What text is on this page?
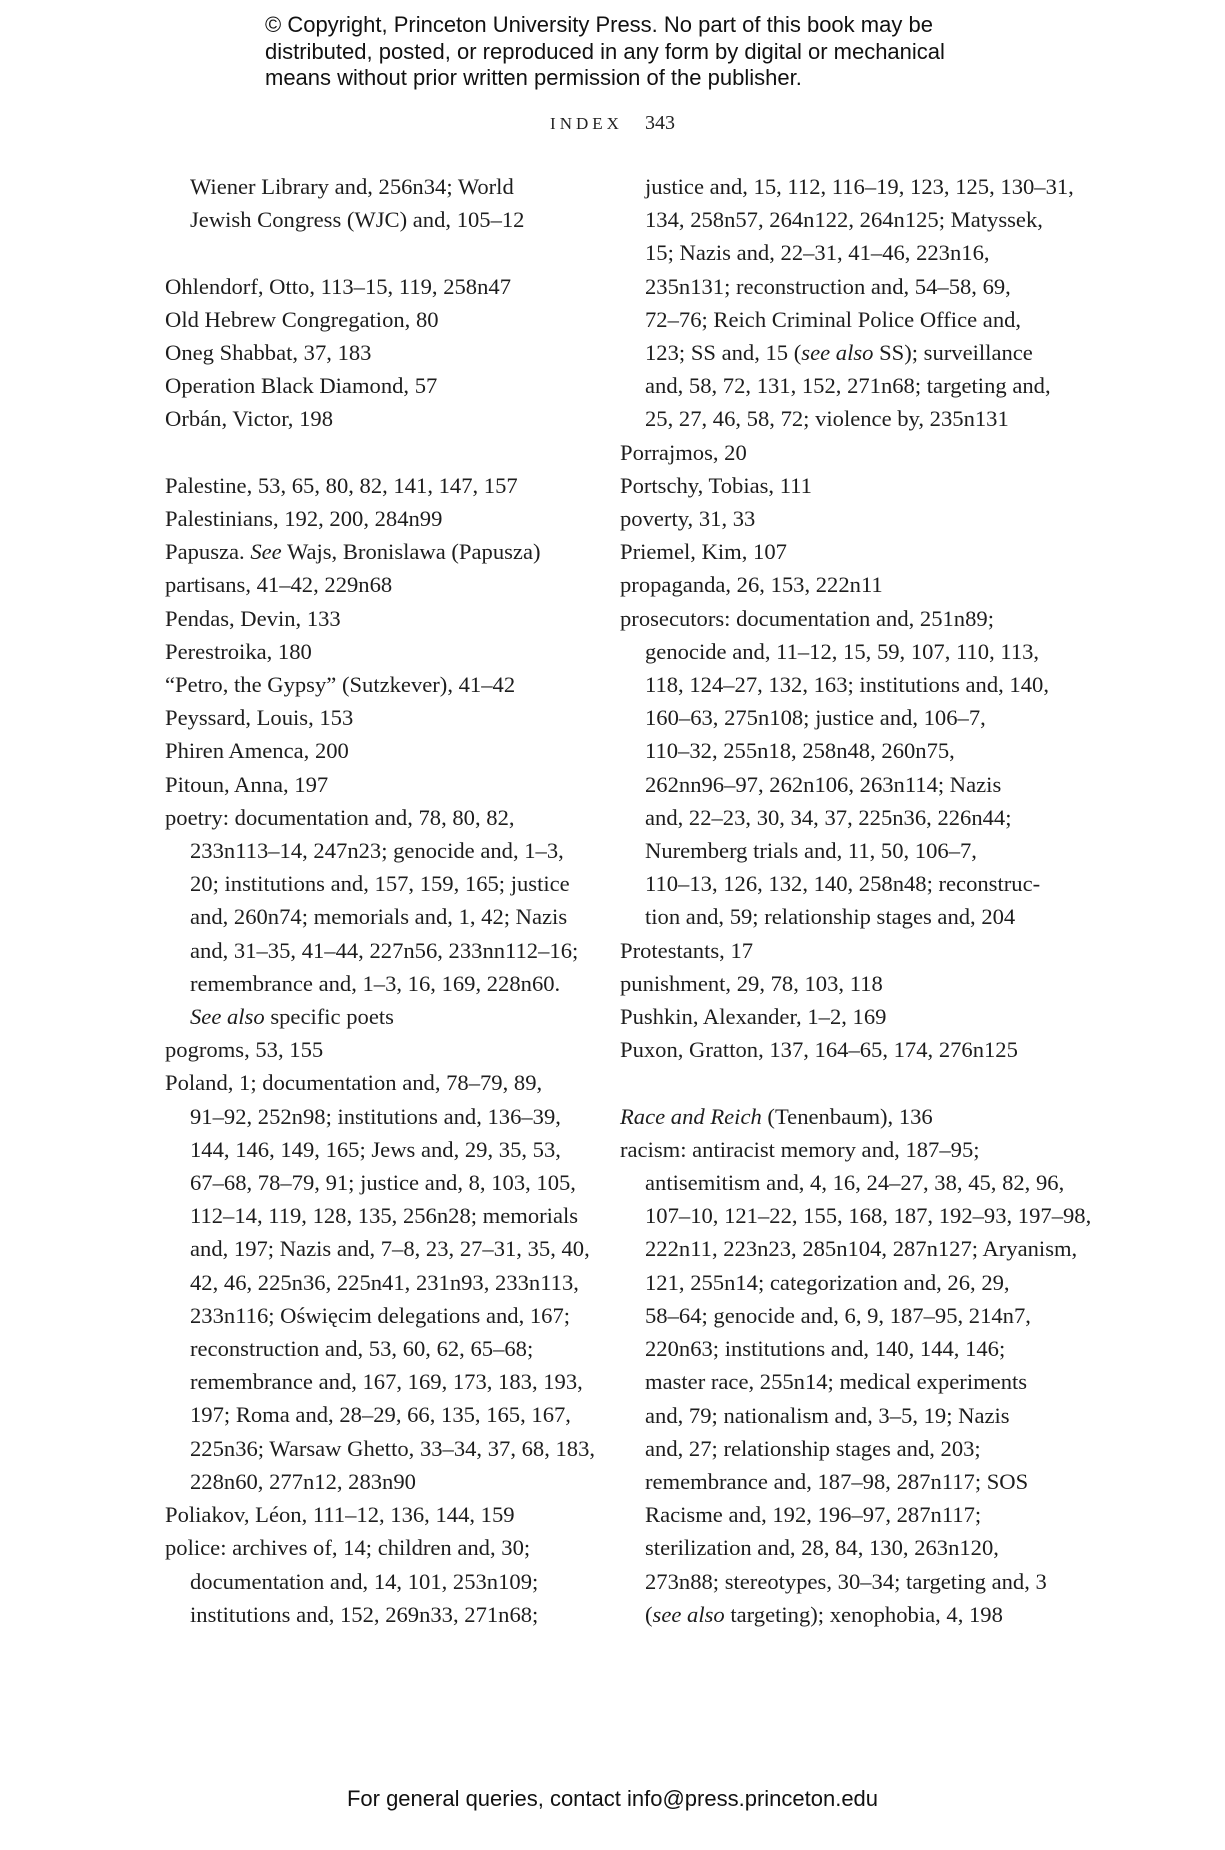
© Copyright, Princeton University Press. No part of this book may be

distributed, posted, or reproduced in any form by digital or mechanical

means without prior written permission of the publisher.

INDEX 343

Wiener Library and, 256n34; World

Jewish Congress (WJC) and, 105–12

Ohlendorf, Otto, 113–15, 119, 258n47

Old Hebrew Congregation, 80

Oneg Shabbat, 37, 183

Operation Black Diamond, 57

Orbán, Victor, 198

Palestine, 53, 65, 80, 82, 141, 147, 157

Palestinians, 192, 200, 284n99

Papusza. See Wajs, Bronislawa (Papusza)

partisans, 41–42, 229n68

Pendas, Devin, 133

Perestroika, 180

“Petro, the Gypsy” (Sutzkever), 41–42

Peyssard, Louis, 153

Phiren Amenca, 200

Pitoun, Anna, 197

poetry: documentation and, 78, 80, 82,

233n113–14, 247n23; genocide and, 1–3,

20; institutions and, 157, 159, 165; justice

and, 260n74; memorials and, 1, 42; Nazis

and, 31–35, 41–44, 227n56, 233nn112–16;

remembrance and, 1–3, 16, 169, 228n60.

See also specific poets

pogroms, 53, 155

Poland, 1; documentation and, 78–79, 89,

91–92, 252n98; institutions and, 136–39,

144, 146, 149, 165; Jews and, 29, 35, 53,

67–68, 78–79, 91; justice and, 8, 103, 105,

112–14, 119, 128, 135, 256n28; memorials

and, 197; Nazis and, 7–8, 23, 27–31, 35, 40,

42, 46, 225n36, 225n41, 231n93, 233n113,

233n116; Oświęcim delegations and, 167;

reconstruction and, 53, 60, 62, 65–68;

remembrance and, 167, 169, 173, 183, 193,

197; Roma and, 28–29, 66, 135, 165, 167,

225n36; Warsaw Ghetto, 33–34, 37, 68, 183,

228n60, 277n12, 283n90

Poliakov, Léon, 111–12, 136, 144, 159

police: archives of, 14; children and, 30;

documentation and, 14, 101, 253n109;

institutions and, 152, 269n33, 271n68;

justice and, 15, 112, 116–19, 123, 125, 130–31,

134, 258n57, 264n122, 264n125; Matyssek,

15; Nazis and, 22–31, 41–46, 223n16,

235n131; reconstruction and, 54–58, 69,

72–76; Reich Criminal Police Office and,

123; SS and, 15 (see also SS); surveillance

and, 58, 72, 131, 152, 271n68; targeting and,

25, 27, 46, 58, 72; violence by, 235n131

Porrajmos, 20

Portschy, Tobias, 111

poverty, 31, 33

Priemel, Kim, 107

propaganda, 26, 153, 222n11

prosecutors: documentation and, 251n89;

genocide and, 11–12, 15, 59, 107, 110, 113,

118, 124–27, 132, 163; institutions and, 140,

160–63, 275n108; justice and, 106–7,

110–32, 255n18, 258n48, 260n75,

262nn96–97, 262n106, 263n114; Nazis

and, 22–23, 30, 34, 37, 225n36, 226n44;

Nuremberg trials and, 11, 50, 106–7,

110–13, 126, 132, 140, 258n48; reconstruc-

tion and, 59; relationship stages and, 204

Protestants, 17

punishment, 29, 78, 103, 118

Pushkin, Alexander, 1–2, 169

Puxon, Gratton, 137, 164–65, 174, 276n125

Race and Reich (Tenenbaum), 136

racism: antiracist memory and, 187–95;

antisemitism and, 4, 16, 24–27, 38, 45, 82, 96,

107–10, 121–22, 155, 168, 187, 192–93, 197–98,

222n11, 223n23, 285n104, 287n127; Aryanism,

121, 255n14; categorization and, 26, 29,

58–64; genocide and, 6, 9, 187–95, 214n7,

220n63; institutions and, 140, 144, 146;

master race, 255n14; medical experiments

and, 79; nationalism and, 3–5, 19; Nazis

and, 27; relationship stages and, 203;

remembrance and, 187–98, 287n117; SOS

Racisme and, 192, 196–97, 287n117;

sterilization and, 28, 84, 130, 263n120,

273n88; stereotypes, 30–34; targeting and, 3

(see also targeting); xenophobia, 4, 198

For general queries, contact info@press.princeton.edu
